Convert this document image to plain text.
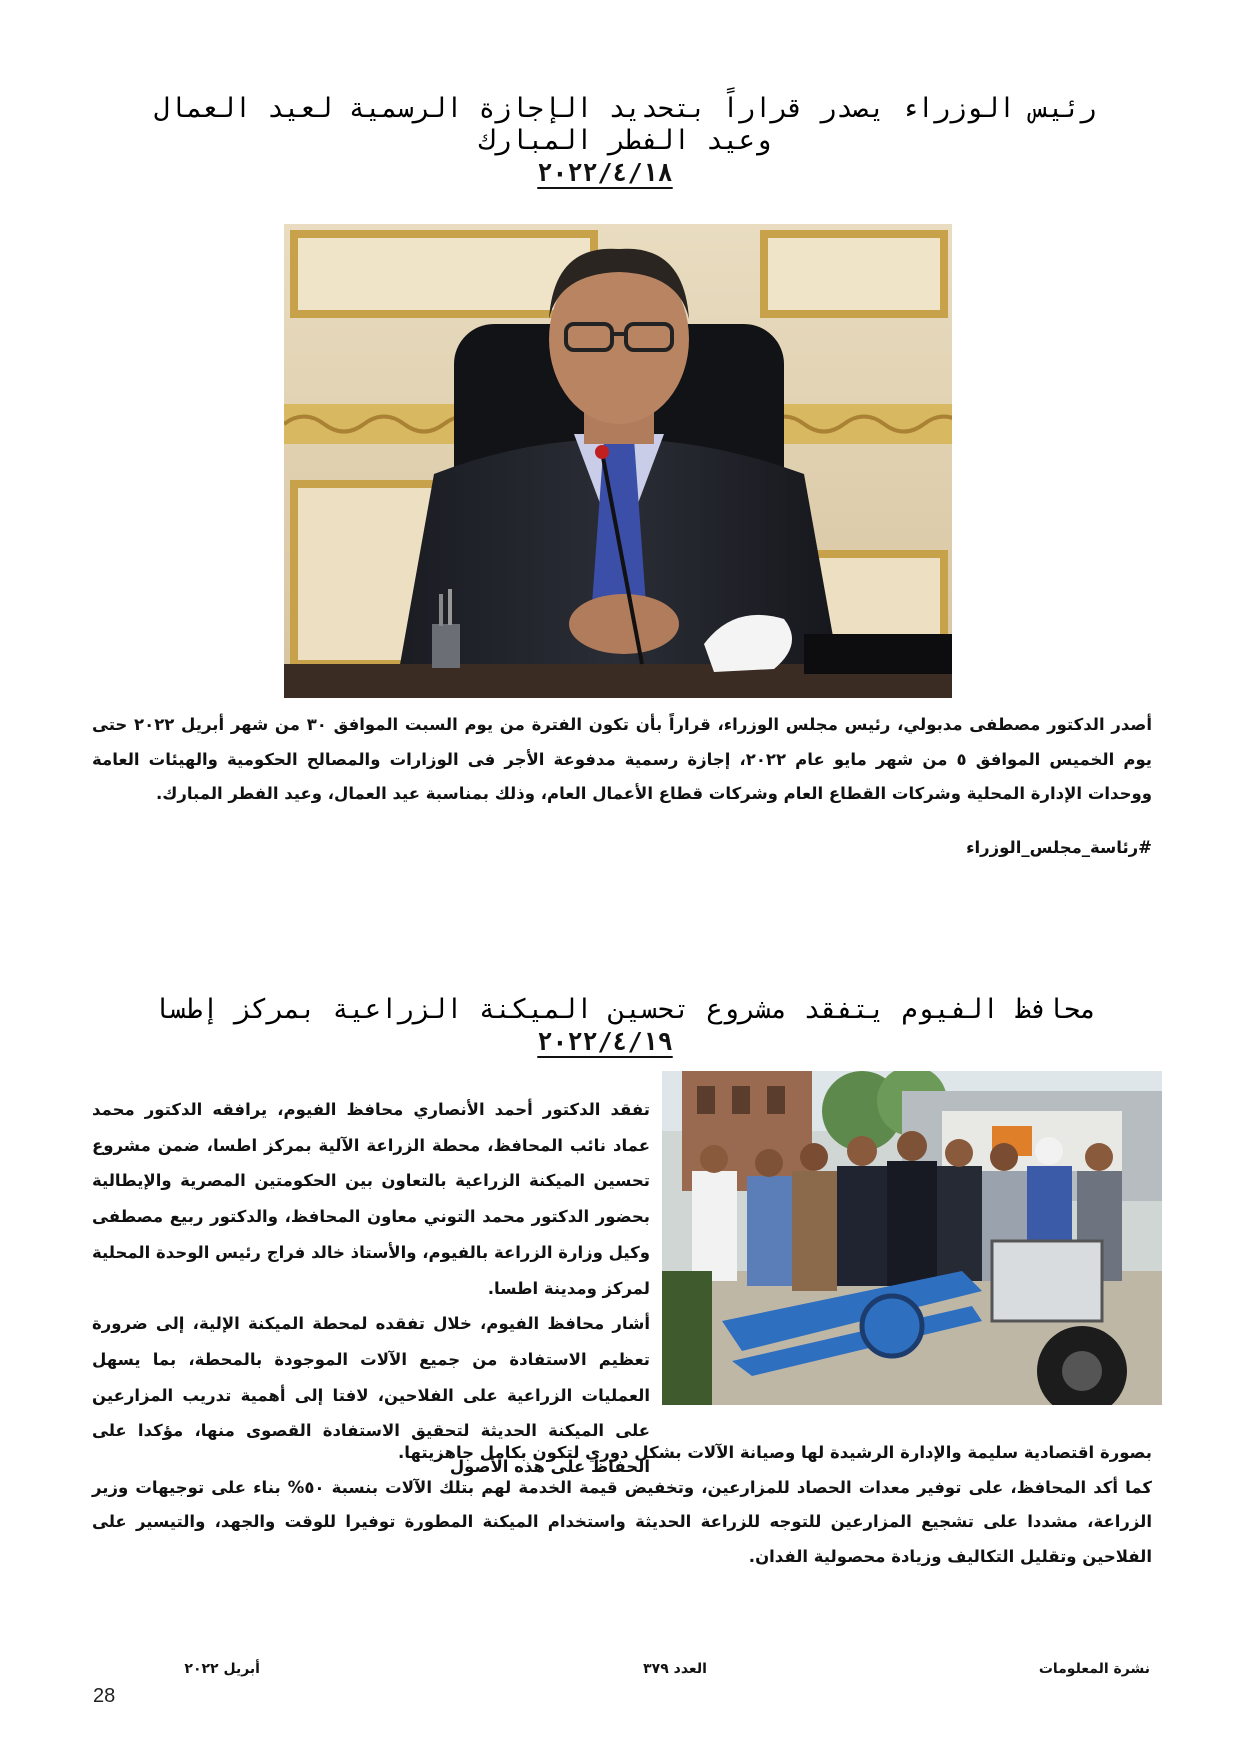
رئيس الوزراء يصدر قراراً بتحديد الإجازة الرسمية لعيد العمال
وعيد الفطر المبارك
٢٠٢٢/٤/١٨
أصدر الدكتور مصطفى مدبولي، رئيس مجلس الوزراء، قراراً بأن تكون الفترة من يوم السبت الموافق ٣٠ من شهر أبريل ٢٠٢٢ حتى يوم الخميس الموافق ٥ من شهر مايو عام ٢٠٢٢، إجازة رسمية مدفوعة الأجر فى الوزارات والمصالح الحكومية والهيئات العامة ووحدات الإدارة المحلية وشركات القطاع العام وشركات قطاع الأعمال العام، وذلك بمناسبة عيد العمال، وعيد الفطر المبارك.
#رئاسة_مجلس_الوزراء
محافظ الفيوم يتفقد مشروع تحسين الميكنة الزراعية بمركز إطسا
٢٠٢٢/٤/١٩

تفقد الدكتور أحمد الأنصاري محافظ الفيوم، يرافقه الدكتور محمد عماد نائب المحافظ، محطة الزراعة الآلية بمركز اطسا، ضمن مشروع تحسين الميكنة الزراعية بالتعاون بين الحكومتين المصرية والإيطالية بحضور الدكتور محمد التوني معاون المحافظ، والدكتور ربيع مصطفى وكيل وزارة الزراعة بالفيوم، والأستاذ خالد فراج رئيس الوحدة المحلية لمركز ومدينة اطسا.

أشار محافظ الفيوم، خلال تفقده لمحطة الميكنة الإلية، إلى ضرورة تعظيم الاستفادة من جميع الآلات الموجودة بالمحطة، بما يسهل العمليات الزراعية على الفلاحين، لافتا إلى أهمية تدريب المزارعين على الميكنة الحديثة لتحقيق الاستفادة القصوى منها، مؤكدا على الحفاظ على هذه الأصول

بصورة اقتصادية سليمة والإدارة الرشيدة لها وصيانة الآلات بشكل دوري لتكون بكامل جاهزيتها.

كما أكد المحافظ، على توفير معدات الحصاد للمزارعين، وتخفيض قيمة الخدمة لهم بتلك الآلات بنسبة ٥٠% بناء على توجيهات وزير الزراعة، مشددا على تشجيع المزارعين للتوجه للزراعة الحديثة واستخدام الميكنة المطورة توفيرا للوقت والجهد، والتيسير على الفلاحين وتقليل التكاليف وزيادة محصولية الفدان.

نشرة المعلومات
العدد ٣٧٩
أبريل ٢٠٢٢
28
